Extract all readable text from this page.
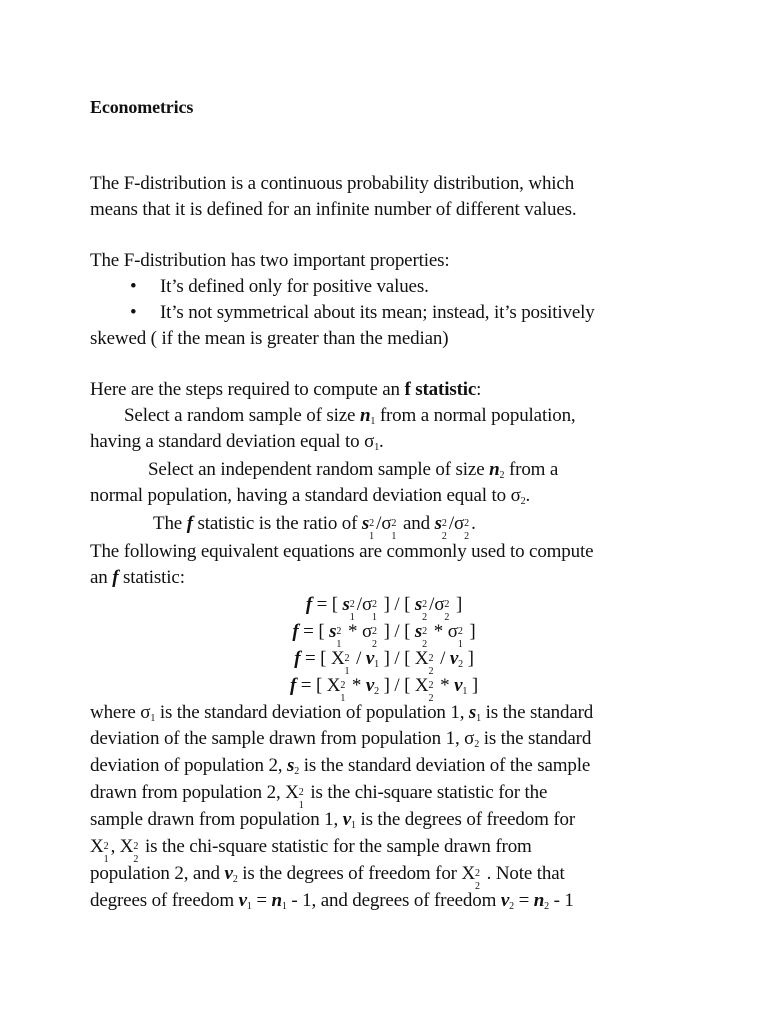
Econometrics
The F-distribution is a continuous probability distribution, which
means that it is defined for an infinite number of different values.
The F-distribution has two important properties:
• It’s defined only for positive values.
• It’s not symmetrical about its mean; instead, it’s positively
skewed ( if the mean is greater than the median)
Here are the steps required to compute an f statistic:
Select a random sample of size $n_1$ from a normal population,
having a standard deviation equal to $\sigma_1$.
Select an independent random sample of size $n_2$ from a
normal population, having a standard deviation equal to $\sigma_2$.
The f statistic is the ratio of s 2
1
/σ 2
1
and s 2
2
/σ 2
2
.
The following equivalent equations are commonly used to compute
an f statistic:
f = [ s 2
1
/σ 2
1
] / [ s 2
2
/σ 2
2
]
f = [ s 2
1
* σ 2
2
] / [ s 2
2
* σ 2
1
]
f = [ X 2
1
/ $v_1$ ] / [ X 2
2
/ $v_2$ ]
f = [ X 2
1
* $v_2$ ] / [ X 2
2
* $v_1$ ]
where $\sigma_1$ is the standard deviation of population 1, $s_1$ is the standard
deviation of the sample drawn from population 1, $\sigma_2$ is the standard
deviation of population 2, $s_2$ is the standard deviation of the sample
drawn from population 2, X 2
1
is the chi-square statistic for the
sample drawn from population 1, $v_1$ is the degrees of freedom for
X 2
1
, X 2
2
is the chi-square statistic for the sample drawn from
population 2, and $v_2$ is the degrees of freedom for X 2
2
. Note that
degrees of freedom $v_1 = n_1 - 1$, and degrees of freedom $v_2 = n_2 - 1$
